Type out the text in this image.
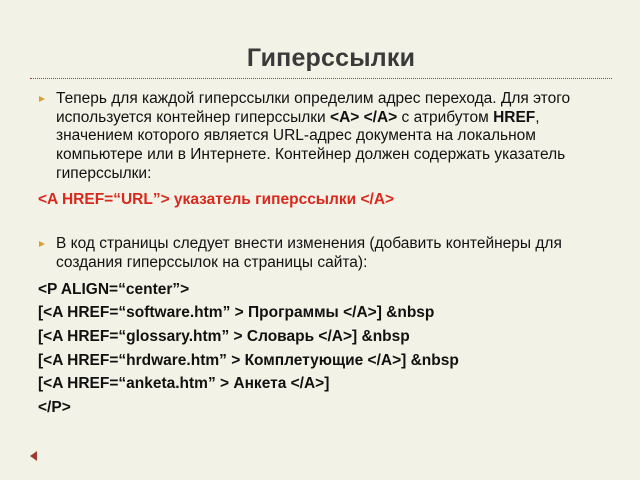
Гиперссылки
Теперь для каждой гиперссылки определим адрес перехода. Для этого используется контейнер гиперссылки <A> </A> с атрибутом HREF, значением которого является URL-адрес документа на локальном компьютере или в Интернете. Контейнер должен содержать указатель гиперссылки:
<A HREF=“URL”> указатель гиперссылки </A>
В код страницы следует внести изменения (добавить контейнеры для создания гиперссылок на страницы сайта):
<P ALIGN=“center”>
[<A HREF=“software.htm” > Программы </A>] &nbsp
[<A HREF=“glossary.htm” > Словарь </A>] &nbsp
[<A HREF=“hrdware.htm” > Комплетующие </A>] &nbsp
[<A HREF=“anketa.htm” > Анкета </A>]
</P>
